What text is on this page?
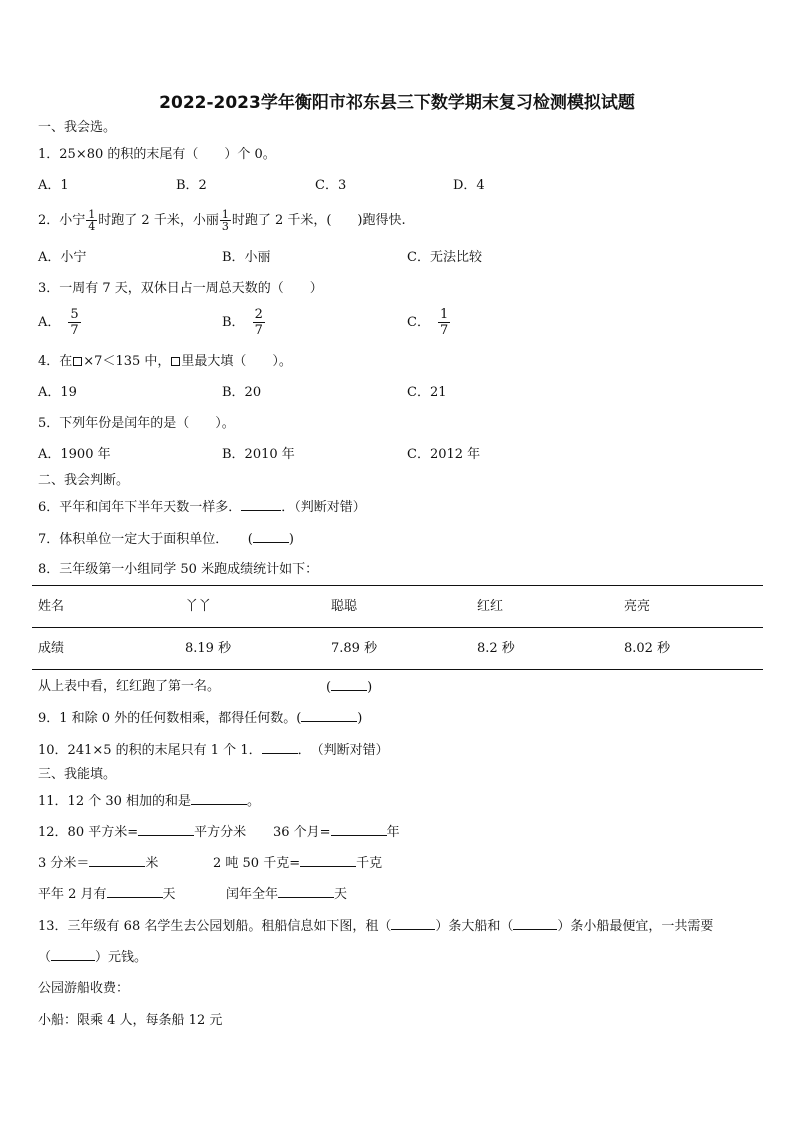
2022-2023学年衡阳市祁东县三下数学期末复习检测模拟试题
一、我会选。
1．25×80 的积的末尾有（　　）个 0。
A．1	B．2	C．3	D．4
2．小宁 $\frac{1}{4}$ 时跑了 2 千米，小丽 $\frac{1}{3}$ 时跑了 2 千米，(　　)跑得快.
A．小宁	B．小丽	C．无法比较
3．一周有 7 天，双休日占一周总天数的（　　）
A． $\frac{5}{7}$	B． $\frac{2}{7}$	C． $\frac{1}{7}$
4．在 ×7＜135 中， 里最大填（　　）。
A．19	B．20	C．21
5．下列年份是闰年的是（　　）。
A．1900 年	B．2010 年	C．2012 年
二、我会判断。
6．平年和闰年下半年天数一样多．	．（判断对错）
7．体积单位一定大于面积单位．　　(	)
8．三年级第一小组同学 50 米跑成绩统计如下：
姓名	丫丫	聪聪	红红	亮亮
成绩	8.19 秒	7.89 秒	8.2 秒	8.02 秒
从上表中看，红红跑了第一名。	(	)
9．1 和除 0 外的任何数相乘，都得任何数。(	)
10．241×5 的积的末尾只有 1 个 1．	．　（判断对错）
三、我能填。
11．12 个 30 相加的和是	。
12．80 平方米=	平方分米 36 个月=	年
3 分米＝	米	2 吨 50 千克=	千克
平年 2 月有	天	闰年全年	天
13．三年级有 68 名学生去公园划船。租船信息如下图，租（	）条大船和（	）条小船最便宜，一共需要
（	）元钱。
公园游船收费：
小船：限乘 4 人，每条船 12 元
